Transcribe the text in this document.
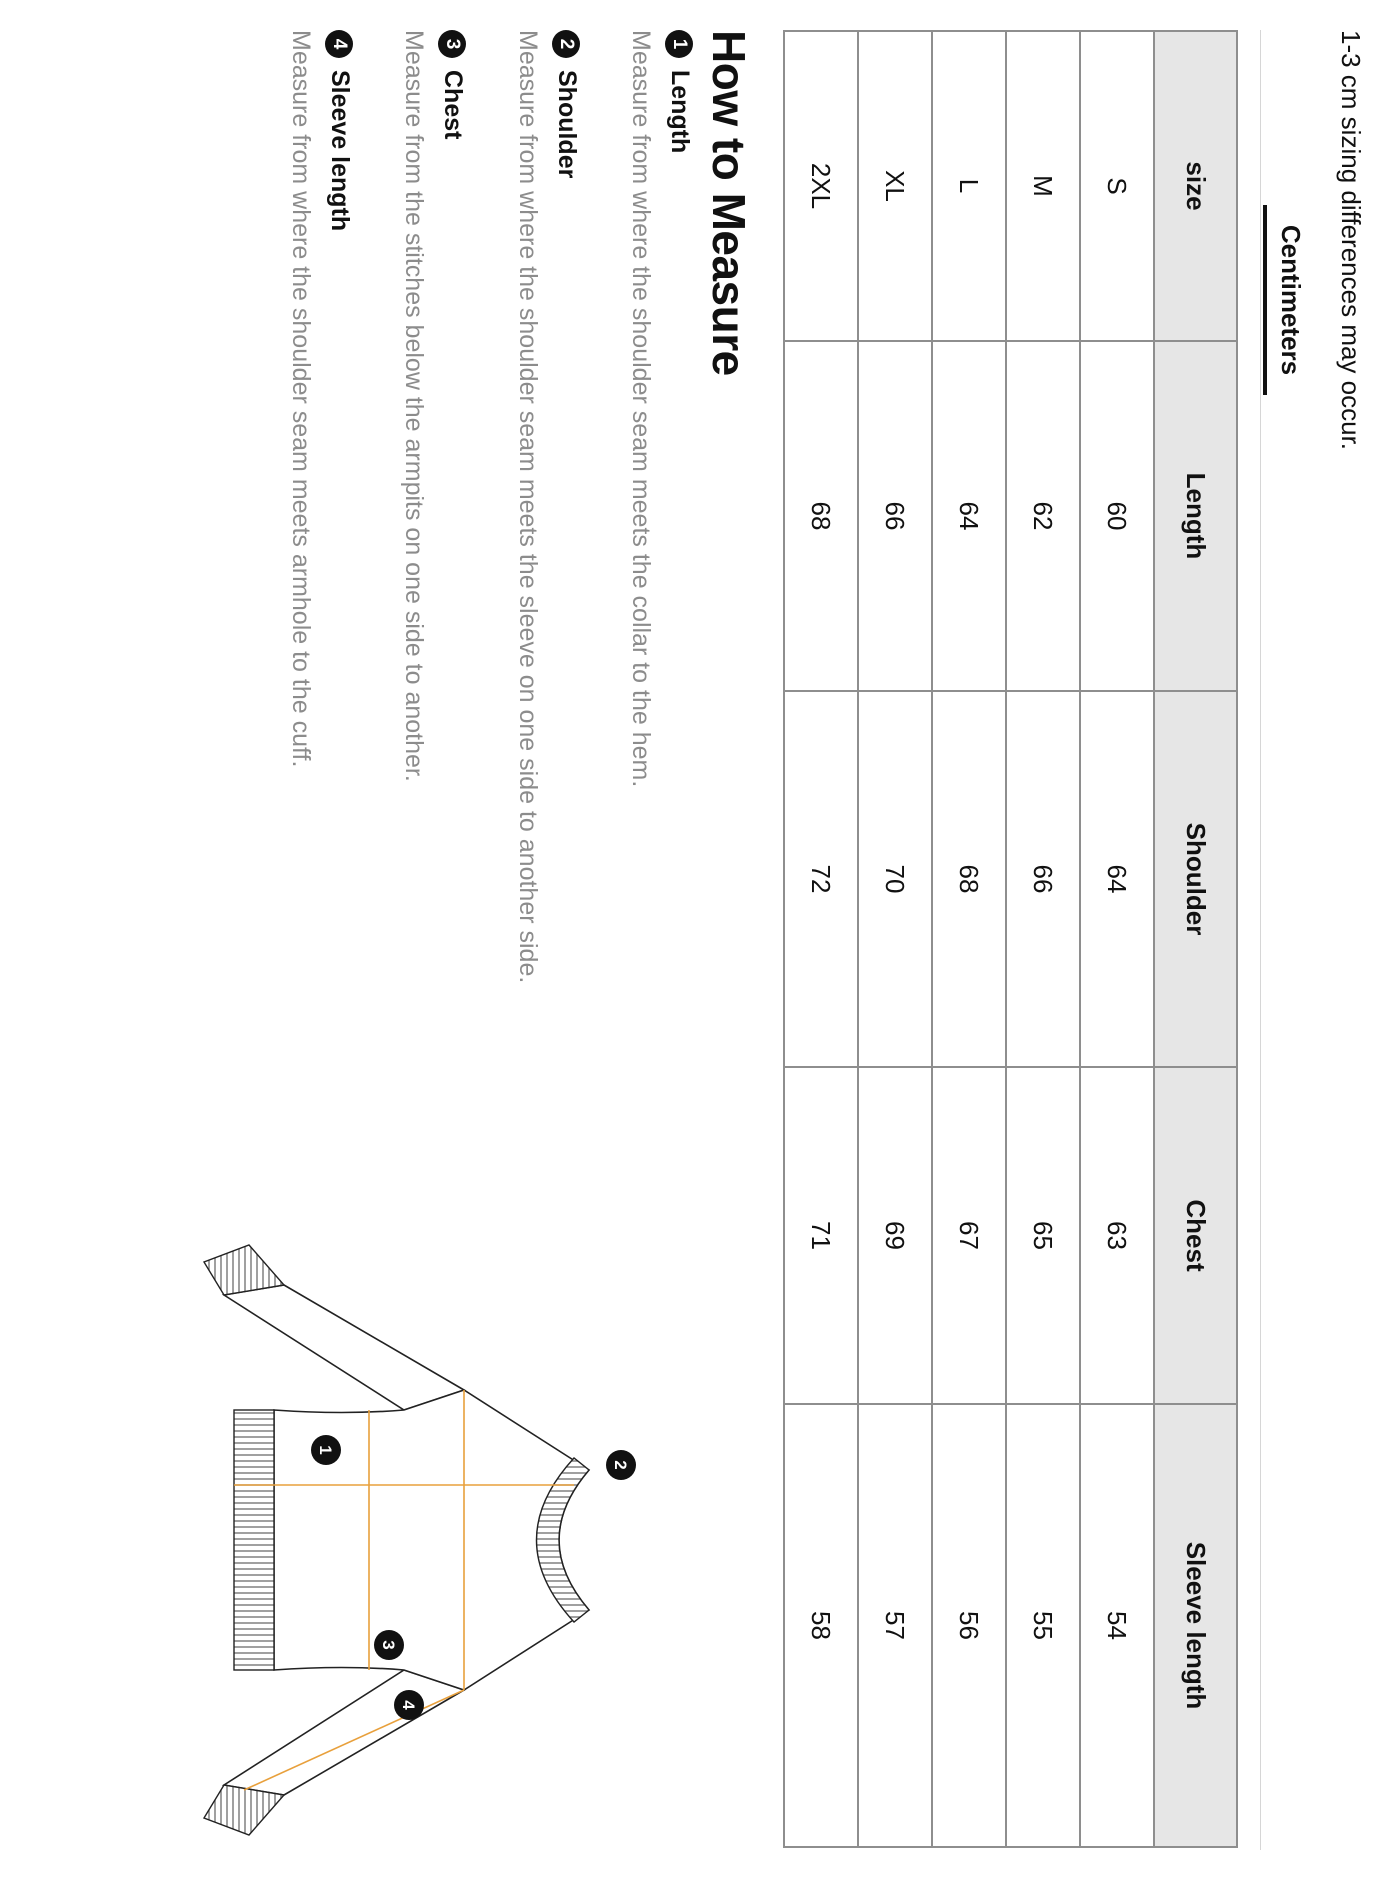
1-3 cm sizing differences may occur.
Centimeters
size	Length	Shoulder	Chest	Sleeve length
S	60	64	63	54
M	62	66	65	55
L	64	68	67	56
XL	66	70	69	57
2XL	68	72	71	58
How to Measure
1
Length
Measure from where the shoulder seam meets the collar to the hem.
2
Shoulder
Measure from where the shoulder seam meets the sleeve on one side to another side.
3
Chest
Measure from the stitches below the armpits on one side to another.
4
Sleeve length
Measure from where the shoulder seam meets armhole to the cuff.
1
2
3
4
